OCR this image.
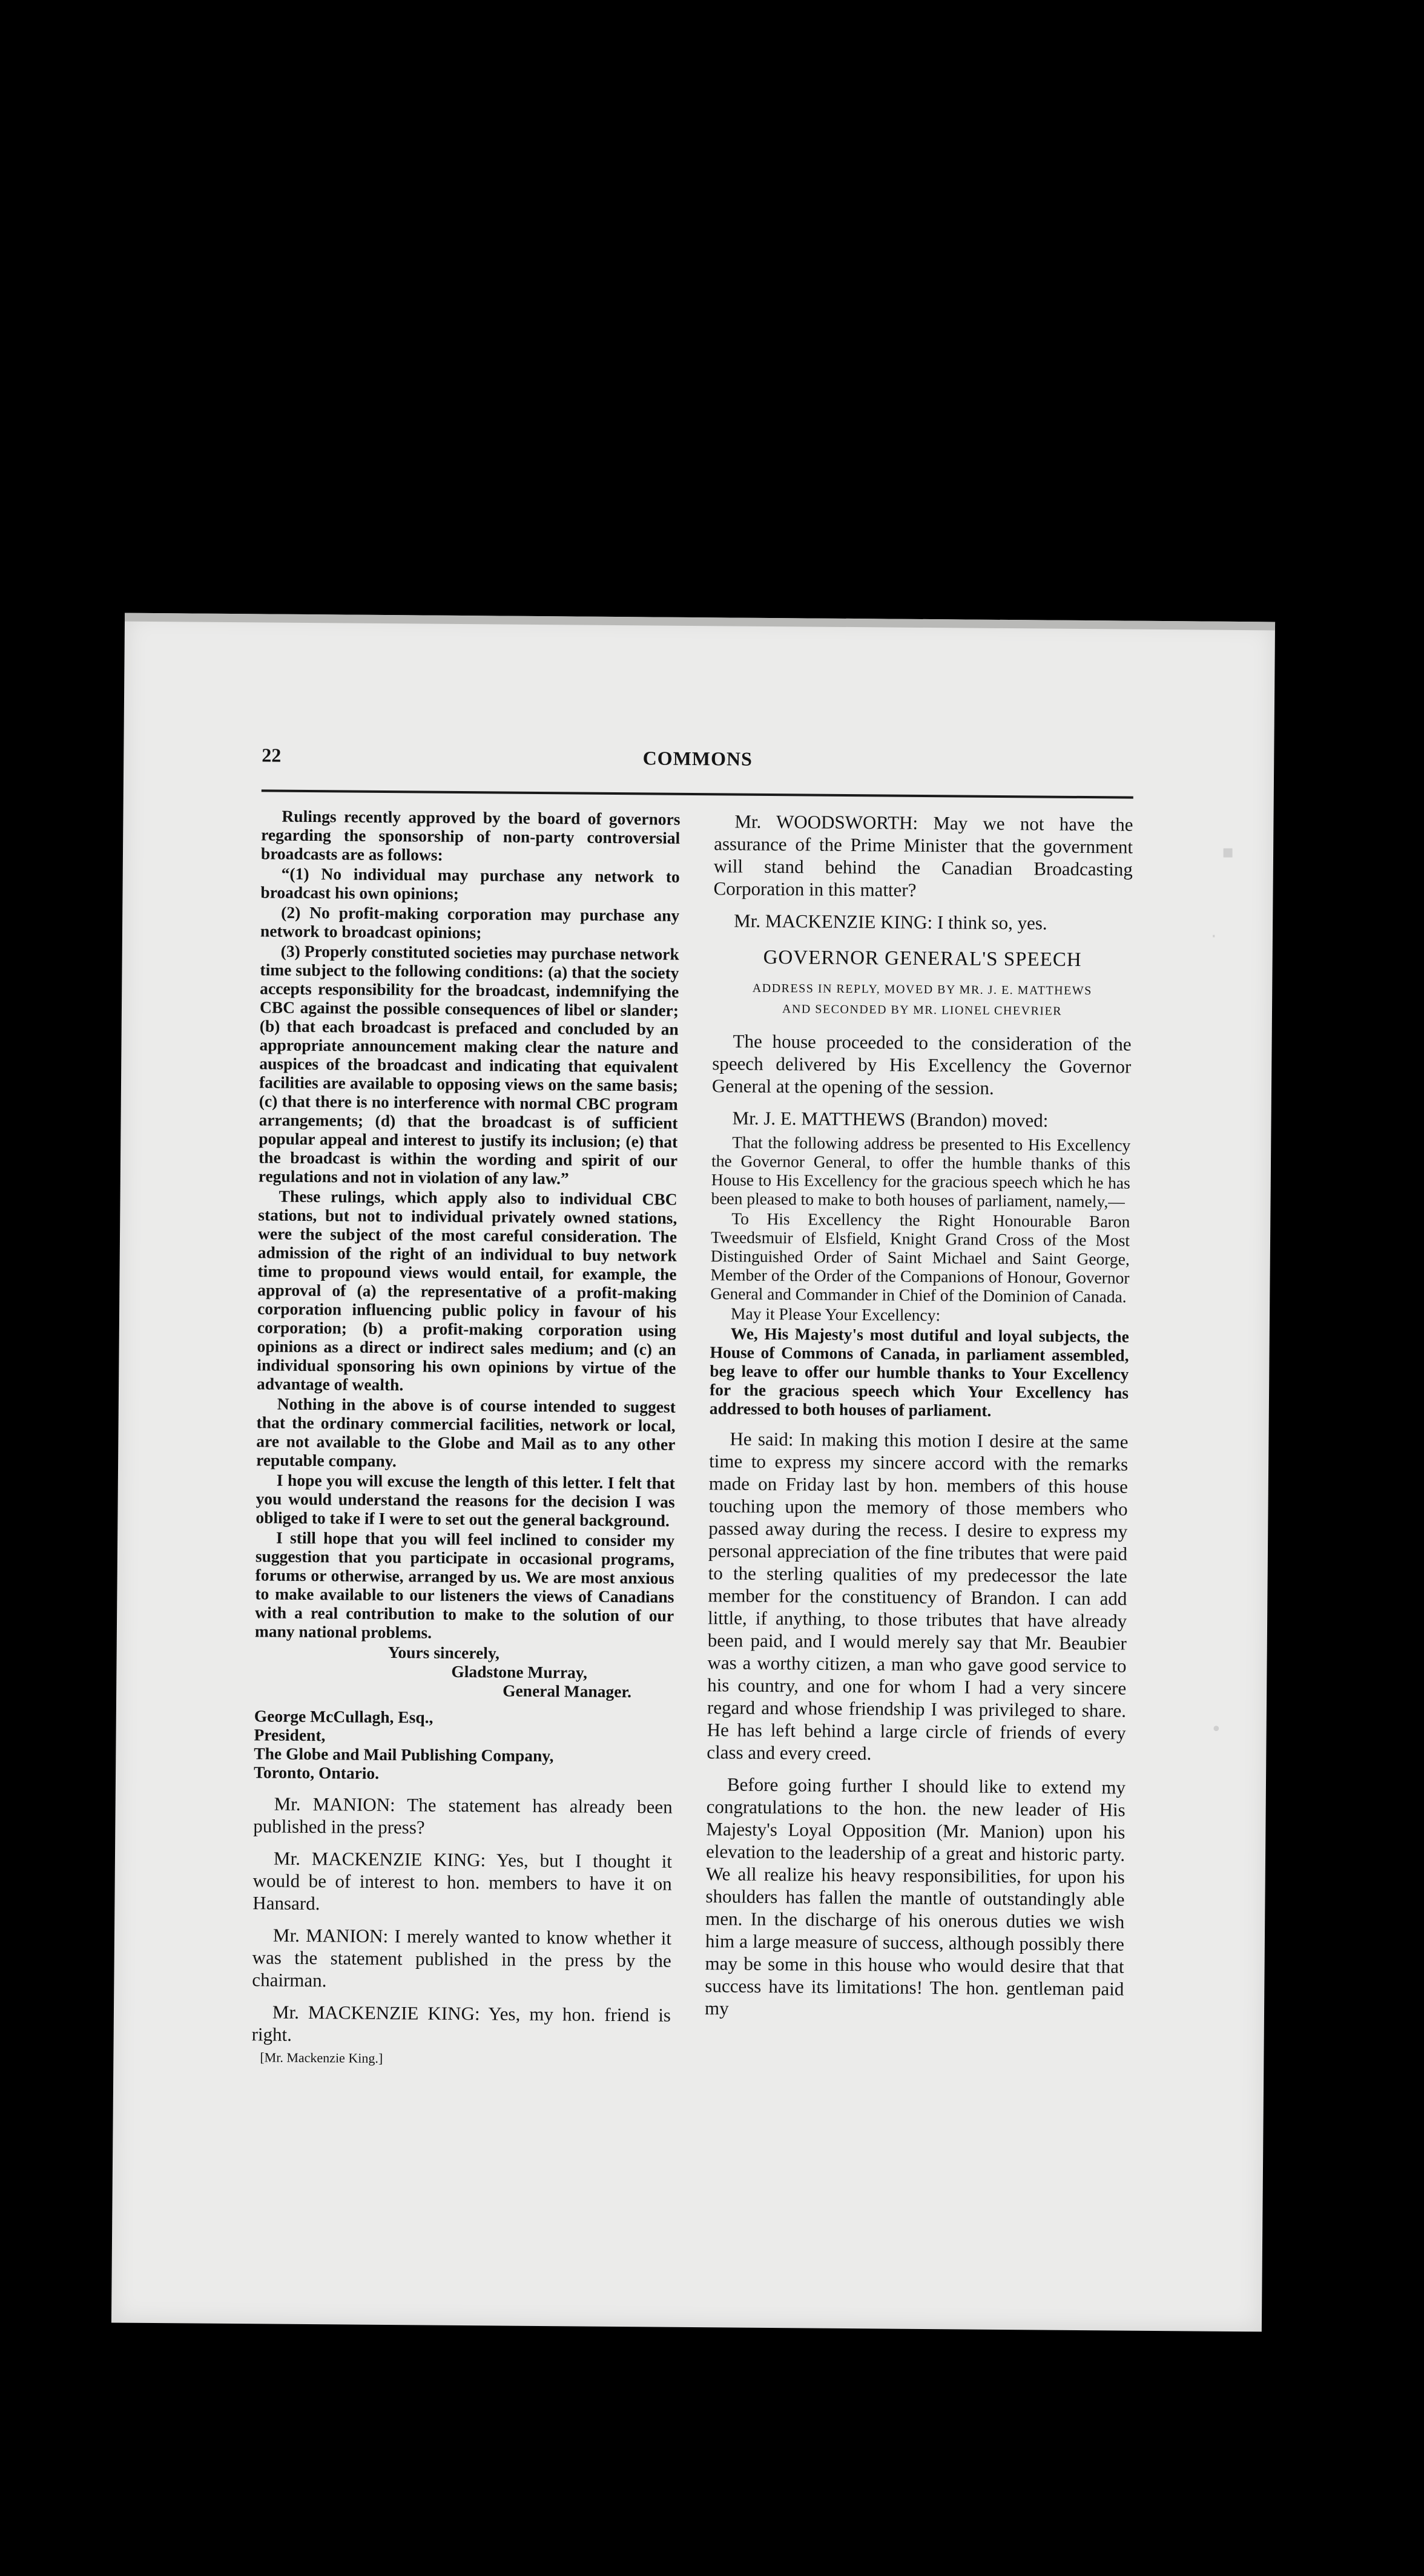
22	COMMONS

Rulings recently approved by the board of governors regarding the sponsorship of non-party controversial broadcasts are as follows:

“(1) No individual may purchase any network to broadcast his own opinions;

(2) No profit-making corporation may purchase any network to broadcast opinions;

(3) Properly constituted societies may purchase network time subject to the following conditions: (a) that the society accepts responsibility for the broadcast, indemnifying the CBC against the possible consequences of libel or slander; (b) that each broadcast is prefaced and concluded by an appropriate announcement making clear the nature and auspices of the broadcast and indicating that equivalent facilities are available to opposing views on the same basis; (c) that there is no interference with normal CBC program arrangements; (d) that the broadcast is of sufficient popular appeal and interest to justify its inclusion; (e) that the broadcast is within the wording and spirit of our regulations and not in violation of any law.”

These rulings, which apply also to individual CBC stations, but not to individual privately owned stations, were the subject of the most careful consideration. The admission of the right of an individual to buy network time to propound views would entail, for example, the approval of (a) the representative of a profit-making corporation influencing public policy in favour of his corporation; (b) a profit-making corporation using opinions as a direct or indirect sales medium; and (c) an individual sponsoring his own opinions by virtue of the advantage of wealth.

Nothing in the above is of course intended to suggest that the ordinary commercial facilities, network or local, are not available to the Globe and Mail as to any other reputable company.

I hope you will excuse the length of this letter. I felt that you would understand the reasons for the decision I was obliged to take if I were to set out the general background.

I still hope that you will feel inclined to consider my suggestion that you participate in occasional programs, forums or otherwise, arranged by us. We are most anxious to make available to our listeners the views of Canadians with a real contribution to make to the solution of our many national problems.

Yours sincerely,

Gladstone Murray,

General Manager.

George McCullagh, Esq.,

President,

The Globe and Mail Publishing Company,

Toronto, Ontario.

Mr. MANION: The statement has already been published in the press?

Mr. MACKENZIE KING: Yes, but I thought it would be of interest to hon. members to have it on Hansard.

Mr. MANION: I merely wanted to know whether it was the statement published in the press by the chairman.

Mr. MACKENZIE KING: Yes, my hon. friend is right.

[Mr. Mackenzie King.]

Mr. WOODSWORTH: May we not have the assurance of the Prime Minister that the government will stand behind the Canadian Broadcasting Corporation in this matter?

Mr. MACKENZIE KING: I think so, yes.

GOVERNOR GENERAL'S SPEECH

ADDRESS IN REPLY, MOVED BY MR. J. E. MATTHEWS
AND SECONDED BY MR. LIONEL CHEVRIER

The house proceeded to the consideration of the speech delivered by His Excellency the Governor General at the opening of the session.

Mr. J. E. MATTHEWS (Brandon) moved:

That the following address be presented to His Excellency the Governor General, to offer the humble thanks of this House to His Excellency for the gracious speech which he has been pleased to make to both houses of parliament, namely,—

To His Excellency the Right Honourable Baron Tweedsmuir of Elsfield, Knight Grand Cross of the Most Distinguished Order of Saint Michael and Saint George, Member of the Order of the Companions of Honour, Governor General and Commander in Chief of the Dominion of Canada.

May it Please Your Excellency:

We, His Majesty's most dutiful and loyal subjects, the House of Commons of Canada, in parliament assembled, beg leave to offer our humble thanks to Your Excellency for the gracious speech which Your Excellency has addressed to both houses of parliament.

He said: In making this motion I desire at the same time to express my sincere accord with the remarks made on Friday last by hon. members of this house touching upon the memory of those members who passed away during the recess. I desire to express my personal appreciation of the fine tributes that were paid to the sterling qualities of my predecessor the late member for the constituency of Brandon. I can add little, if anything, to those tributes that have already been paid, and I would merely say that Mr. Beaubier was a worthy citizen, a man who gave good service to his country, and one for whom I had a very sincere regard and whose friendship I was privileged to share. He has left behind a large circle of friends of every class and every creed.

Before going further I should like to extend my congratulations to the hon. the new leader of His Majesty's Loyal Opposition (Mr. Manion) upon his elevation to the leadership of a great and historic party. We all realize his heavy responsibilities, for upon his shoulders has fallen the mantle of outstandingly able men. In the discharge of his onerous duties we wish him a large measure of success, although possibly there may be some in this house who would desire that that success have its limitations! The hon. gentleman paid my

▪
·
•
